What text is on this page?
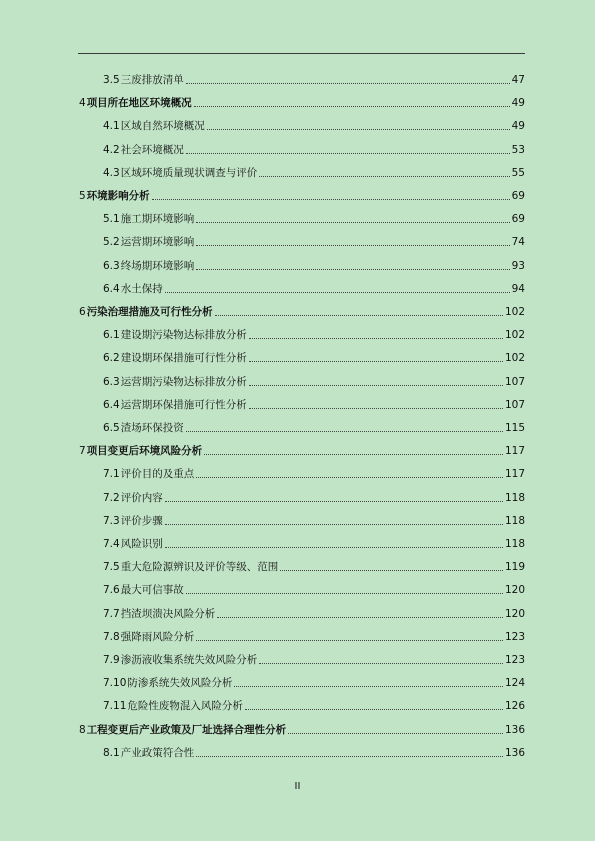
3.5 三废排放清单	47
4 项目所在地区环境概况	49
4.1 区域自然环境概况	49
4.2 社会环境概况	53
4.3 区域环境质量现状调查与评价	55
5 环境影响分析	69
5.1 施工期环境影响	69
5.2 运营期环境影响	74
6.3 终场期环境影响	93
6.4 水土保持	94
6 污染治理措施及可行性分析	102
6.1 建设期污染物达标排放分析	102
6.2 建设期环保措施可行性分析	102
6.3 运营期污染物达标排放分析	107
6.4 运营期环保措施可行性分析	107
6.5 渣场环保投资	115
7 项目变更后环境风险分析	117
7.1 评价目的及重点	117
7.2 评价内容	118
7.3 评价步骤	118
7.4 风险识别	118
7.5 重大危险源辨识及评价等级、范围	119
7.6 最大可信事故	120
7.7 挡渣坝溃决风险分析	120
7.8 强降雨风险分析	123
7.9 渗沥液收集系统失效风险分析	123
7.10 防渗系统失效风险分析	124
7.11 危险性废物混入风险分析	126
8 工程变更后产业政策及厂址选择合理性分析	136
8.1 产业政策符合性	136
II
